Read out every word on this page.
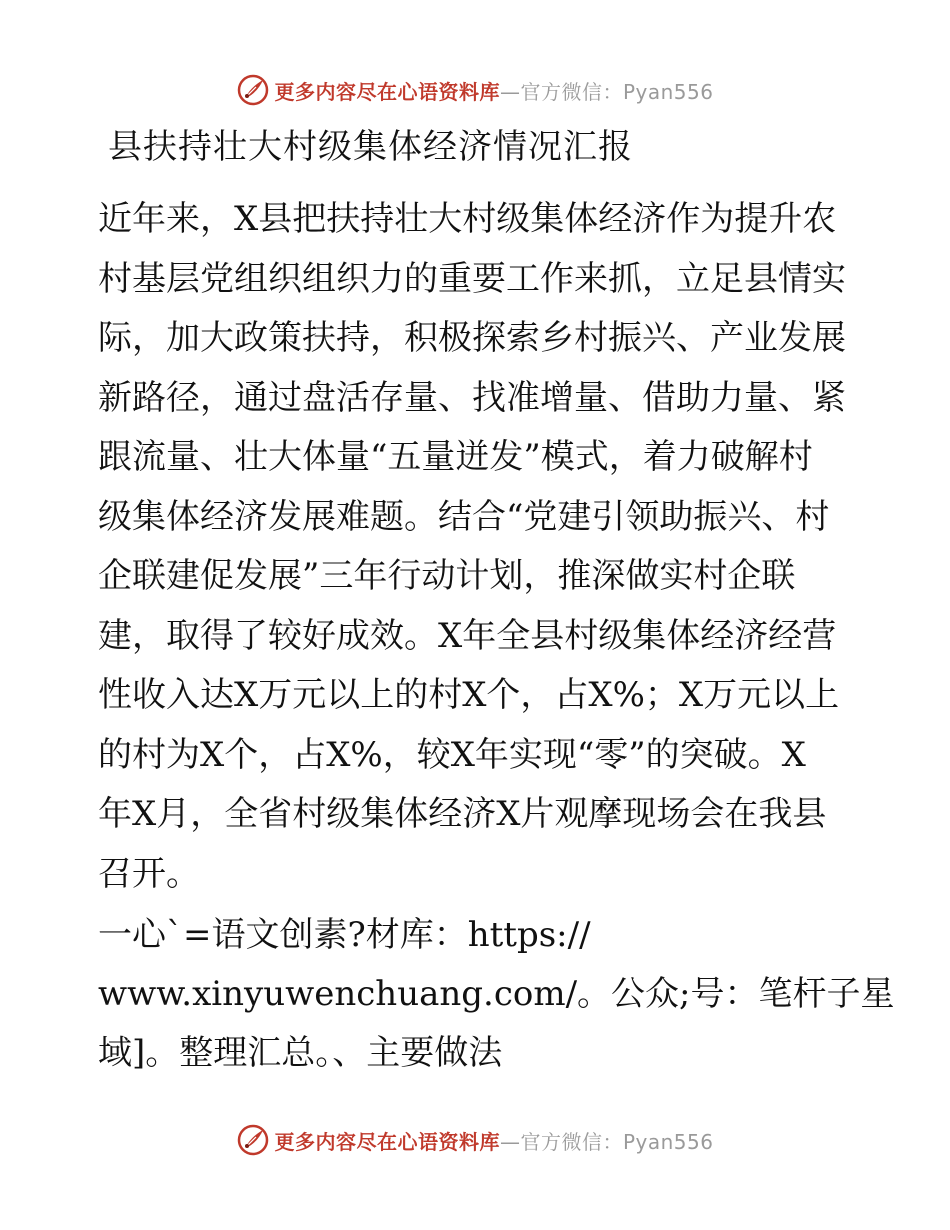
更多内容尽在心语资料库—官方微信：Pyan556
县扶持壮大村级集体经济情况汇报
近年来，X县把扶持壮大村级集体经济作为提升农
村基层党组织组织力的重要工作来抓，立足县情实
际，加大政策扶持，积极探索乡村振兴、产业发展
新路径，通过盘活存量、找准增量、借助力量、紧
跟流量、壮大体量“五量迸发”模式，着力破解村
级集体经济发展难题。结合“党建引领助振兴、村
企联建促发展”三年行动计划，推深做实村企联
建，取得了较好成效。X年全县村级集体经济经营
性收入达X万元以上的村X个，占X%；X万元以上
的村为X个，占X%，较X年实现“零”的突破。X
年X月，全省村级集体经济X片观摩现场会在我县
召开。
一心`=语文创素?材库：https://
www.xinyuwenchuang.com/。公众;号：笔杆子星
域]。整理汇总。、主要做法
更多内容尽在心语资料库—官方微信：Pyan556
